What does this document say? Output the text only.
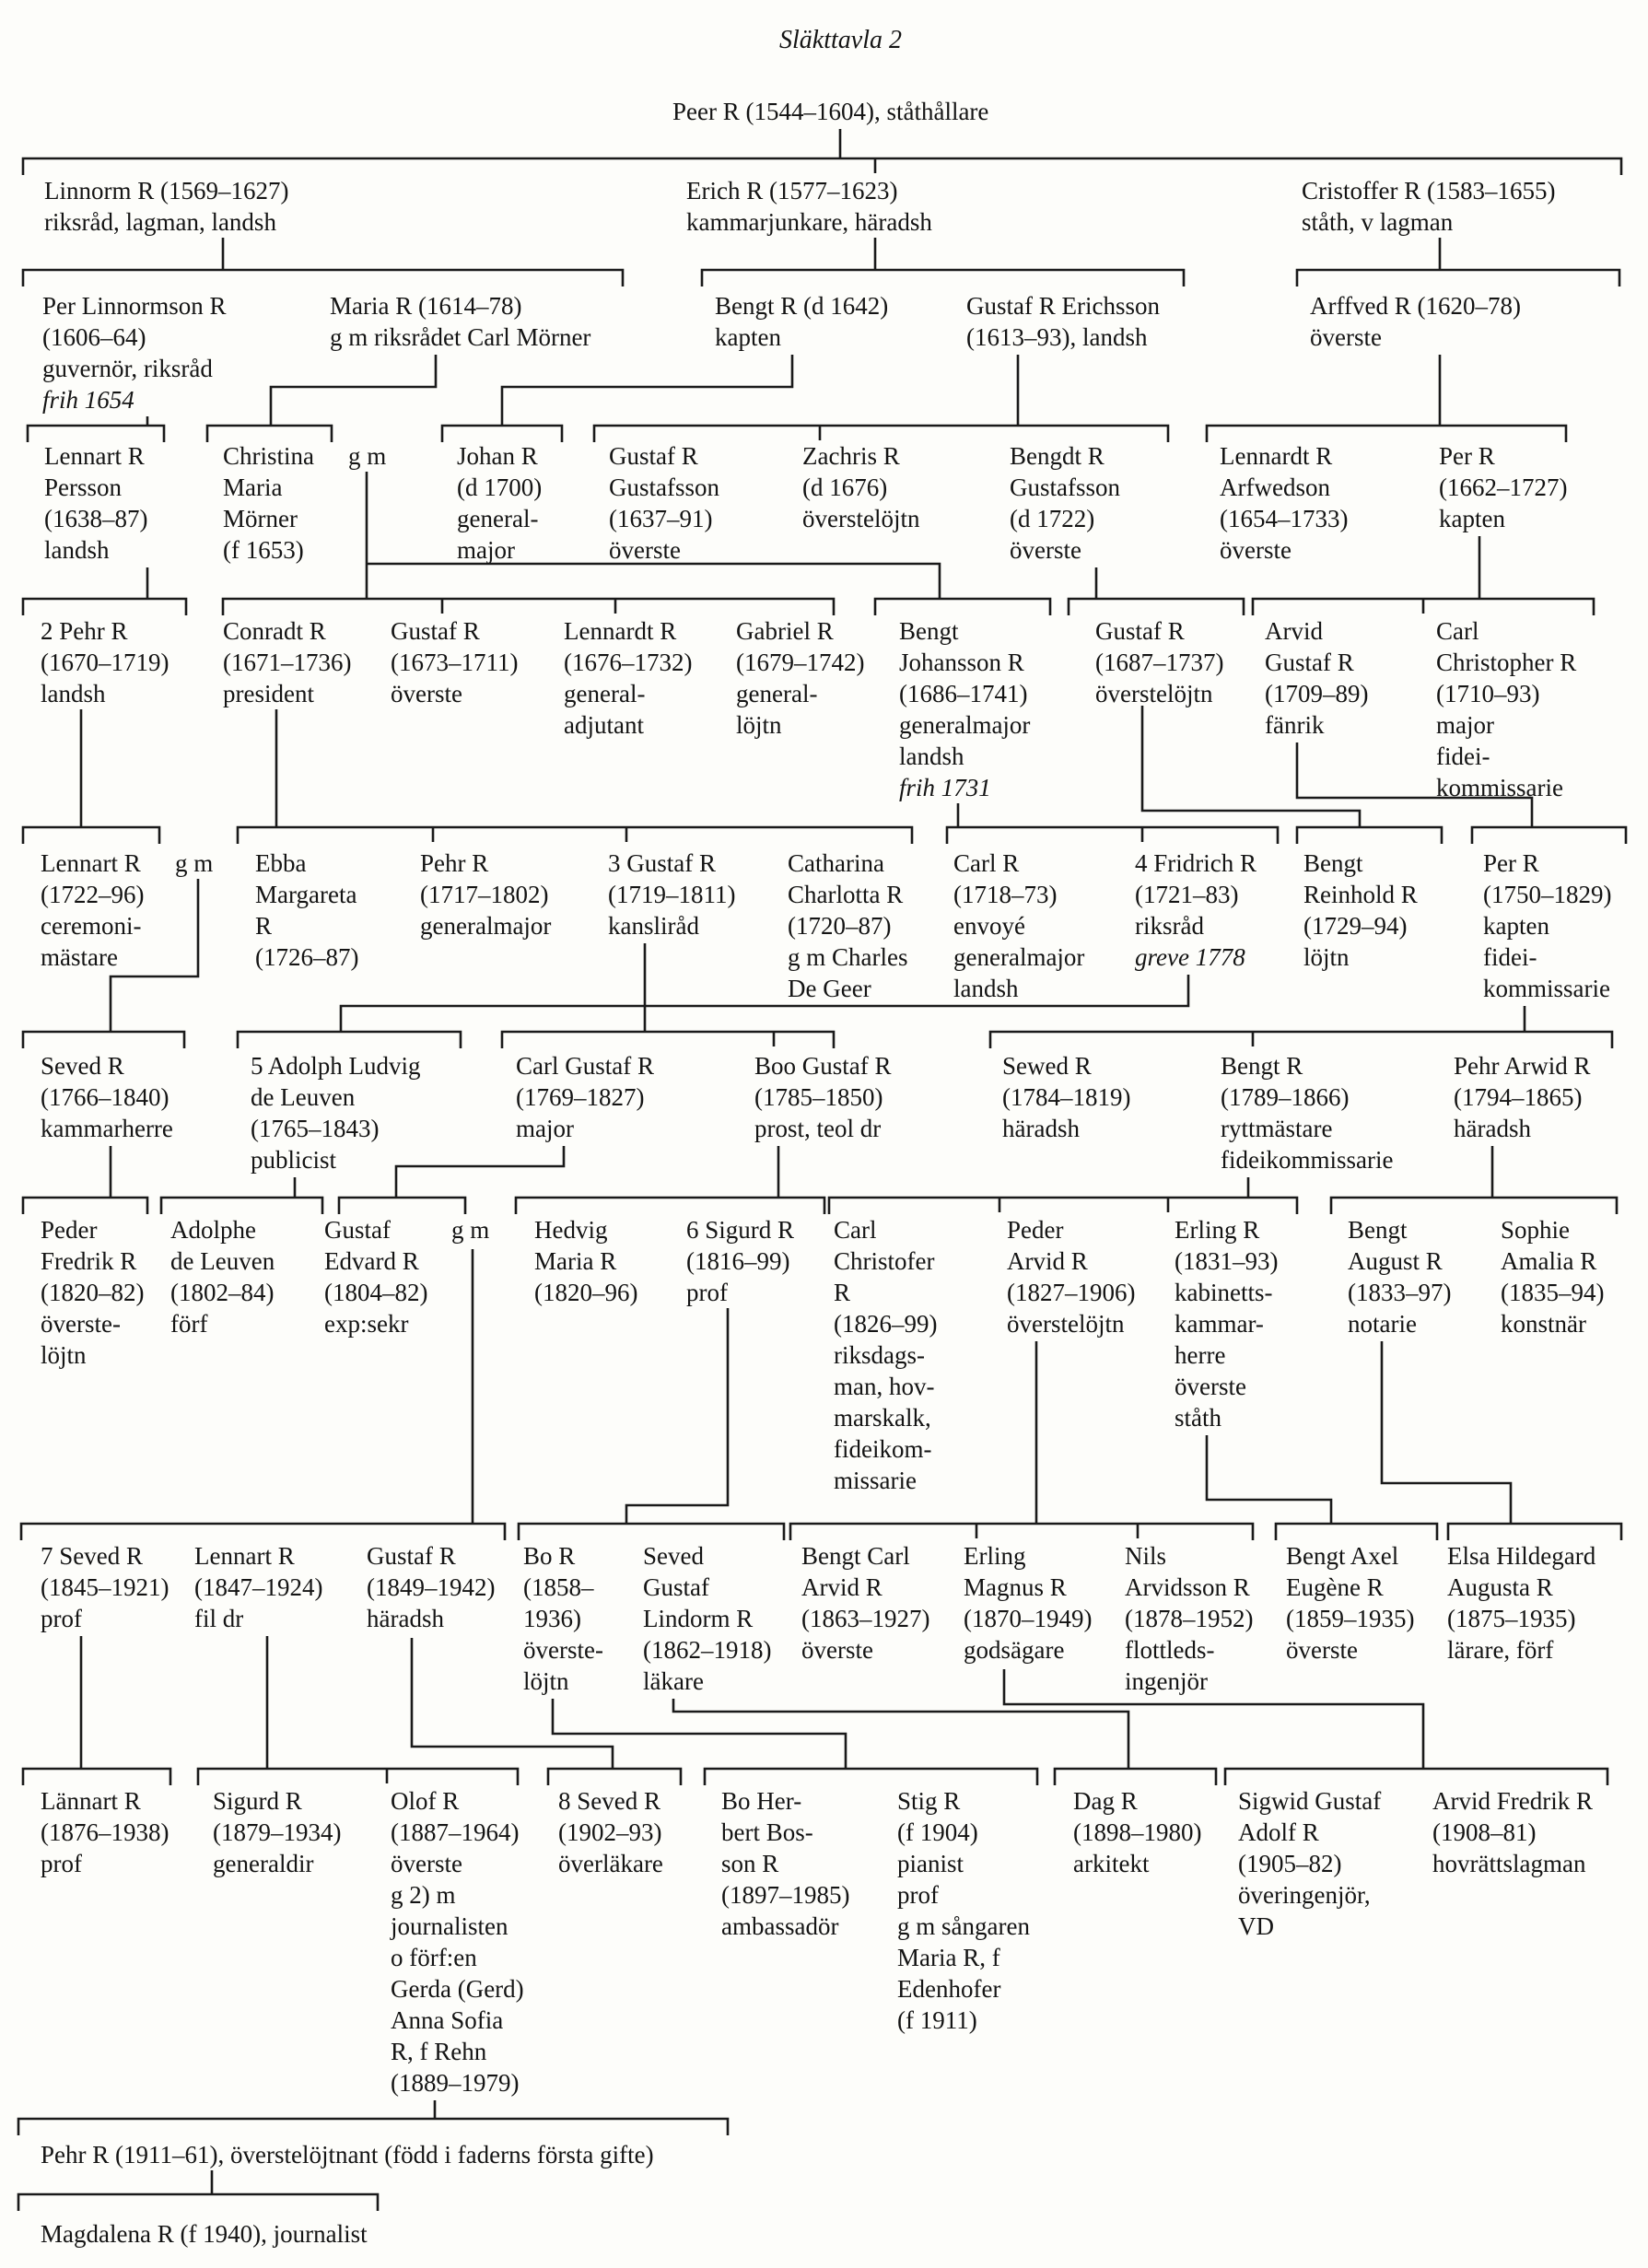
Släkttavla 2
Peer R (1544–1604), ståthållare
Linnorm R (1569–1627)
riksråd, lagman, landsh
Erich R (1577–1623)
kammarjunkare, häradsh
Cristoffer R (1583–1655)
ståth, v lagman
Per Linnormson R
(1606–64)
guvernör, riksråd
frih 1654
Maria R (1614–78)
g m riksrådet Carl Mörner
Bengt R (d 1642)
kapten
Gustaf R Erichsson
(1613–93), landsh
Arffved R (1620–78)
överste
Lennart R
Persson
(1638–87)
landsh
Christina
Maria
Mörner
(f 1653)
g m	Johan R
(d 1700)
general-
major
Gustaf R
Gustafsson
(1637–91)
överste
Zachris R
(d 1676)
överstelöjtn
Bengdt R
Gustafsson
(d 1722)
överste
Lennardt R
Arfwedson
(1654–1733)
överste
Per R
(1662–1727)
kapten
2 Pehr R
(1670–1719)
landsh
Conradt R
(1671–1736)
president
Gustaf R
(1673–1711)
överste
Lennardt R
(1676–1732)
general-
adjutant
Gabriel R
(1679–1742)
general-
löjtn
Bengt
Johansson R
(1686–1741)
generalmajor
landsh
frih 1731
Gustaf R
(1687–1737)
överstelöjtn
Arvid
Gustaf R
(1709–89)
fänrik
Carl
Christopher R
(1710–93)
major
fidei-
kommissarie
Lennart R
(1722–96)
ceremoni-
mästare
g m Ebba
Margareta
R
(1726–87)
Pehr R
(1717–1802)
generalmajor
3 Gustaf R
(1719–1811)
kansliråd
Catharina
Charlotta R
(1720–87)
g m Charles
De Geer
Carl R
(1718–73)
envoyé
generalmajor
landsh
4 Fridrich R
(1721–83)
riksråd
greve 1778
Bengt
Reinhold R
(1729–94)
löjtn
Per R
(1750–1829)
kapten
fidei-
kommissarie
Seved R
(1766–1840)
kammarherre
5 Adolph Ludvig
de Leuven
(1765–1843)
publicist
Carl Gustaf R
(1769–1827)
major
Boo Gustaf R
(1785–1850)
prost, teol dr
Sewed R
(1784–1819)
häradsh
Bengt R
(1789–1866)
ryttmästare
fideikommissarie
Pehr Arwid R
(1794–1865)
häradsh
Peder
Fredrik R
(1820–82)
överste-
löjtn
Adolphe
de Leuven
(1802–84)
förf
Gustaf
Edvard R
(1804–82)
exp:sekr
g m Hedvig
Maria R
(1820–96)
6 Sigurd R
(1816–99)
prof
Carl
Christofer
R
(1826–99)
riksdags-
man, hov-
marskalk,
fideikom-
missarie
Peder
Arvid R
(1827–1906)
överstelöjtn
Erling R
(1831–93)
kabinetts-
kammar-
herre
överste
ståth
Bengt
August R
(1833–97)
notarie
Sophie
Amalia R
(1835–94)
konstnär
7 Seved R
(1845–1921)
prof
Lennart R
(1847–1924)
fil dr
Gustaf R
(1849–1942)
häradsh
Bo R
(1858–
1936)
överste-
löjtn
Seved
Gustaf
Lindorm R
(1862–1918)
läkare
Bengt Carl
Arvid R
(1863–1927)
överste
Erling
Magnus R
(1870–1949)
godsägare
Nils
Arvidsson R
(1878–1952)
flottleds-
ingenjör
Bengt Axel
Eugène R
(1859–1935)
överste
Elsa Hildegard
Augusta R
(1875–1935)
lärare, förf
Lännart R
(1876–1938)
prof
Sigurd R
(1879–1934)
generaldir
Olof R
(1887–1964)
överste
g 2) m
journalisten
o förf:en
Gerda (Gerd)
Anna Sofia
R, f Rehn
(1889–1979)
8 Seved R
(1902–93)
överläkare
Bo Her-
bert Bos-
son R
(1897–1985)
ambassadör
Stig R
(f 1904)
pianist
prof
g m sångaren
Maria R, f
Edenhofer
(f 1911)
Dag R
(1898–1980)
arkitekt
Sigwid Gustaf
Adolf R
(1905–82)
överingenjör,
VD
Arvid Fredrik R
(1908–81)
hovrättslagman
Pehr R (1911–61), överstelöjtnant (född i faderns första gifte)
Magdalena R (f 1940), journalist
